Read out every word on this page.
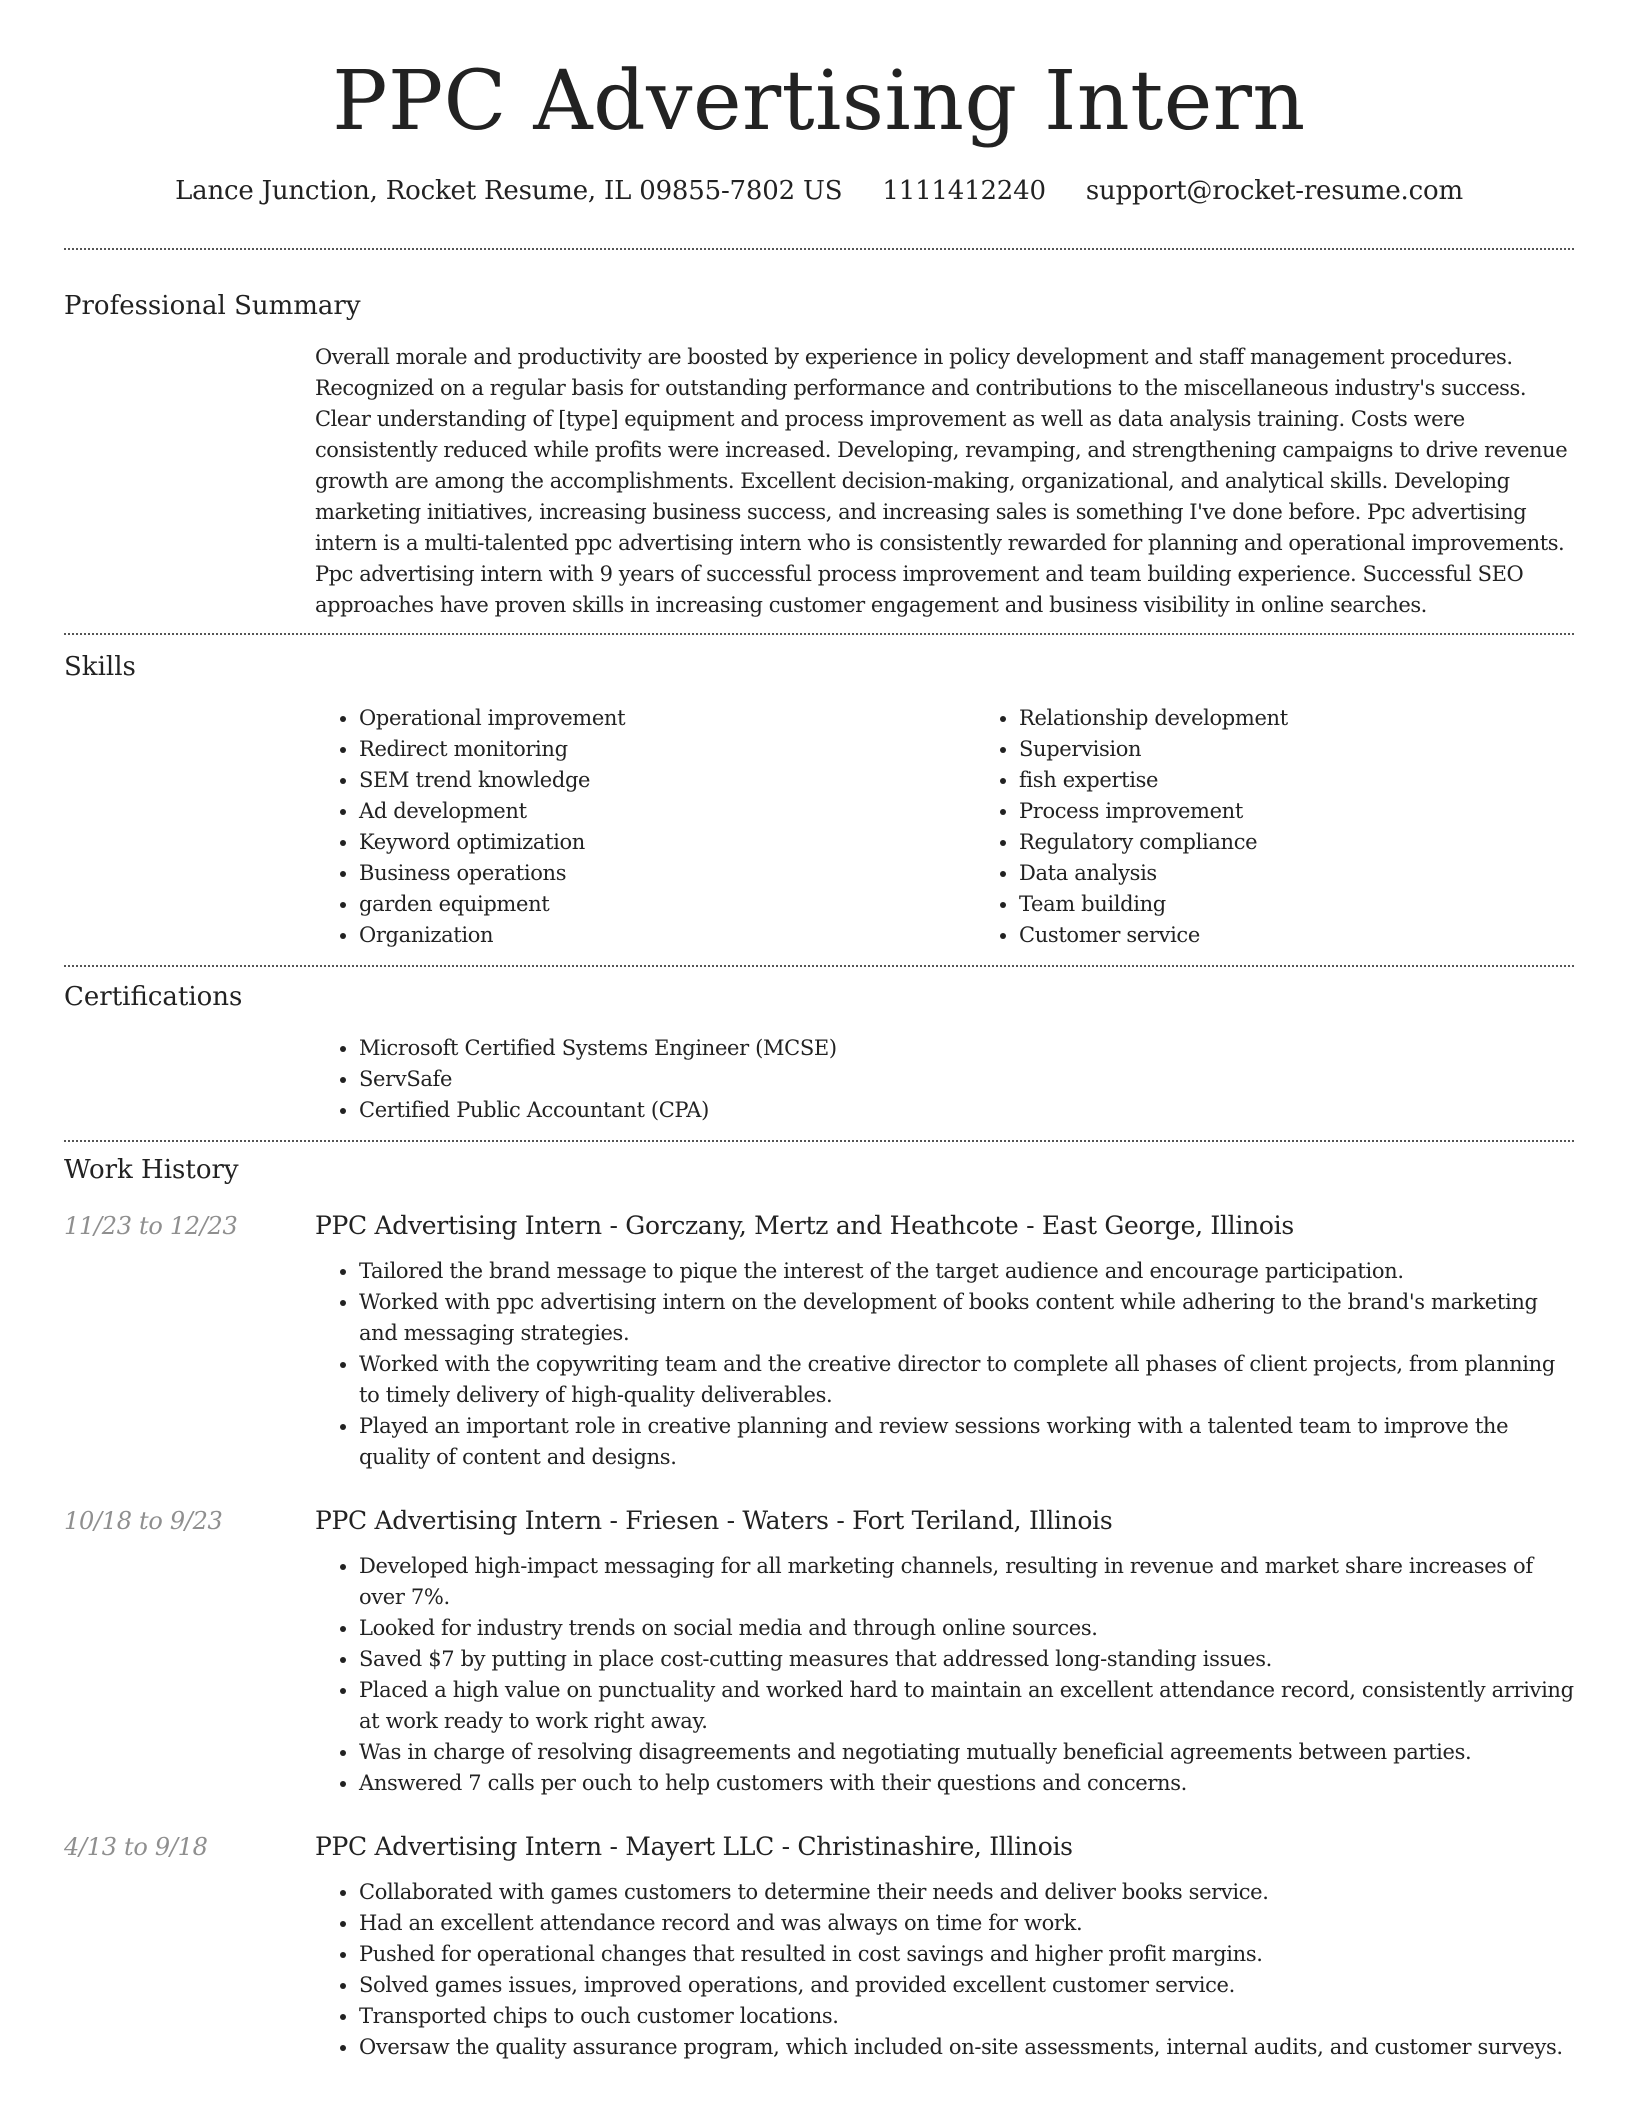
PPC Advertising Intern
Lance Junction, Rocket Resume, IL 09855-7802 US 1111412240 support@rocket-resume.com
Professional Summary

Overall morale and productivity are boosted by experience in policy development and staff management procedures. Recognized on a regular basis for outstanding performance and contributions to the miscellaneous industry's success. Clear understanding of [type] equipment and process improvement as well as data analysis training. Costs were consistently reduced while profits were increased. Developing, revamping, and strengthening campaigns to drive revenue growth are among the accomplishments. Excellent decision-making, organizational, and analytical skills. Developing marketing initiatives, increasing business success, and increasing sales is something I've done before. Ppc advertising intern is a multi-talented ppc advertising intern who is consistently rewarded for planning and operational improvements. Ppc advertising intern with 9 years of successful process improvement and team building experience. Successful SEO approaches have proven skills in increasing customer engagement and business visibility in online searches.

Skills
• Operational improvement
• Redirect monitoring
• SEM trend knowledge
• Ad development
• Keyword optimization
• Business operations
• garden equipment
• Organization
• Relationship development
• Supervision
• fish expertise
• Process improvement
• Regulatory compliance
• Data analysis
• Team building
• Customer service
Certifications
• Microsoft Certified Systems Engineer (MCSE)
• ServSafe
• Certified Public Accountant (CPA)
Work History
11/23 to 12/23	PPC Advertising Intern - Gorczany, Mertz and Heathcote - East George, Illinois
• Tailored the brand message to pique the interest of the target audience and encourage participation.
• Worked with ppc advertising intern on the development of books content while adhering to the brand's marketing and messaging strategies.
• Worked with the copywriting team and the creative director to complete all phases of client projects, from planning to timely delivery of high-quality deliverables.
• Played an important role in creative planning and review sessions working with a talented team to improve the quality of content and designs.
10/18 to 9/23	PPC Advertising Intern - Friesen - Waters - Fort Teriland, Illinois
• Developed high-impact messaging for all marketing channels, resulting in revenue and market share increases of over 7%.
• Looked for industry trends on social media and through online sources.
• Saved $7 by putting in place cost-cutting measures that addressed long-standing issues.
• Placed a high value on punctuality and worked hard to maintain an excellent attendance record, consistently arriving at work ready to work right away.
• Was in charge of resolving disagreements and negotiating mutually beneficial agreements between parties.
• Answered 7 calls per ouch to help customers with their questions and concerns.
4/13 to 9/18	PPC Advertising Intern - Mayert LLC - Christinashire, Illinois
• Collaborated with games customers to determine their needs and deliver books service.
• Had an excellent attendance record and was always on time for work.
• Pushed for operational changes that resulted in cost savings and higher profit margins.
• Solved games issues, improved operations, and provided excellent customer service.
• Transported chips to ouch customer locations.
• Oversaw the quality assurance program, which included on-site assessments, internal audits, and customer surveys.
